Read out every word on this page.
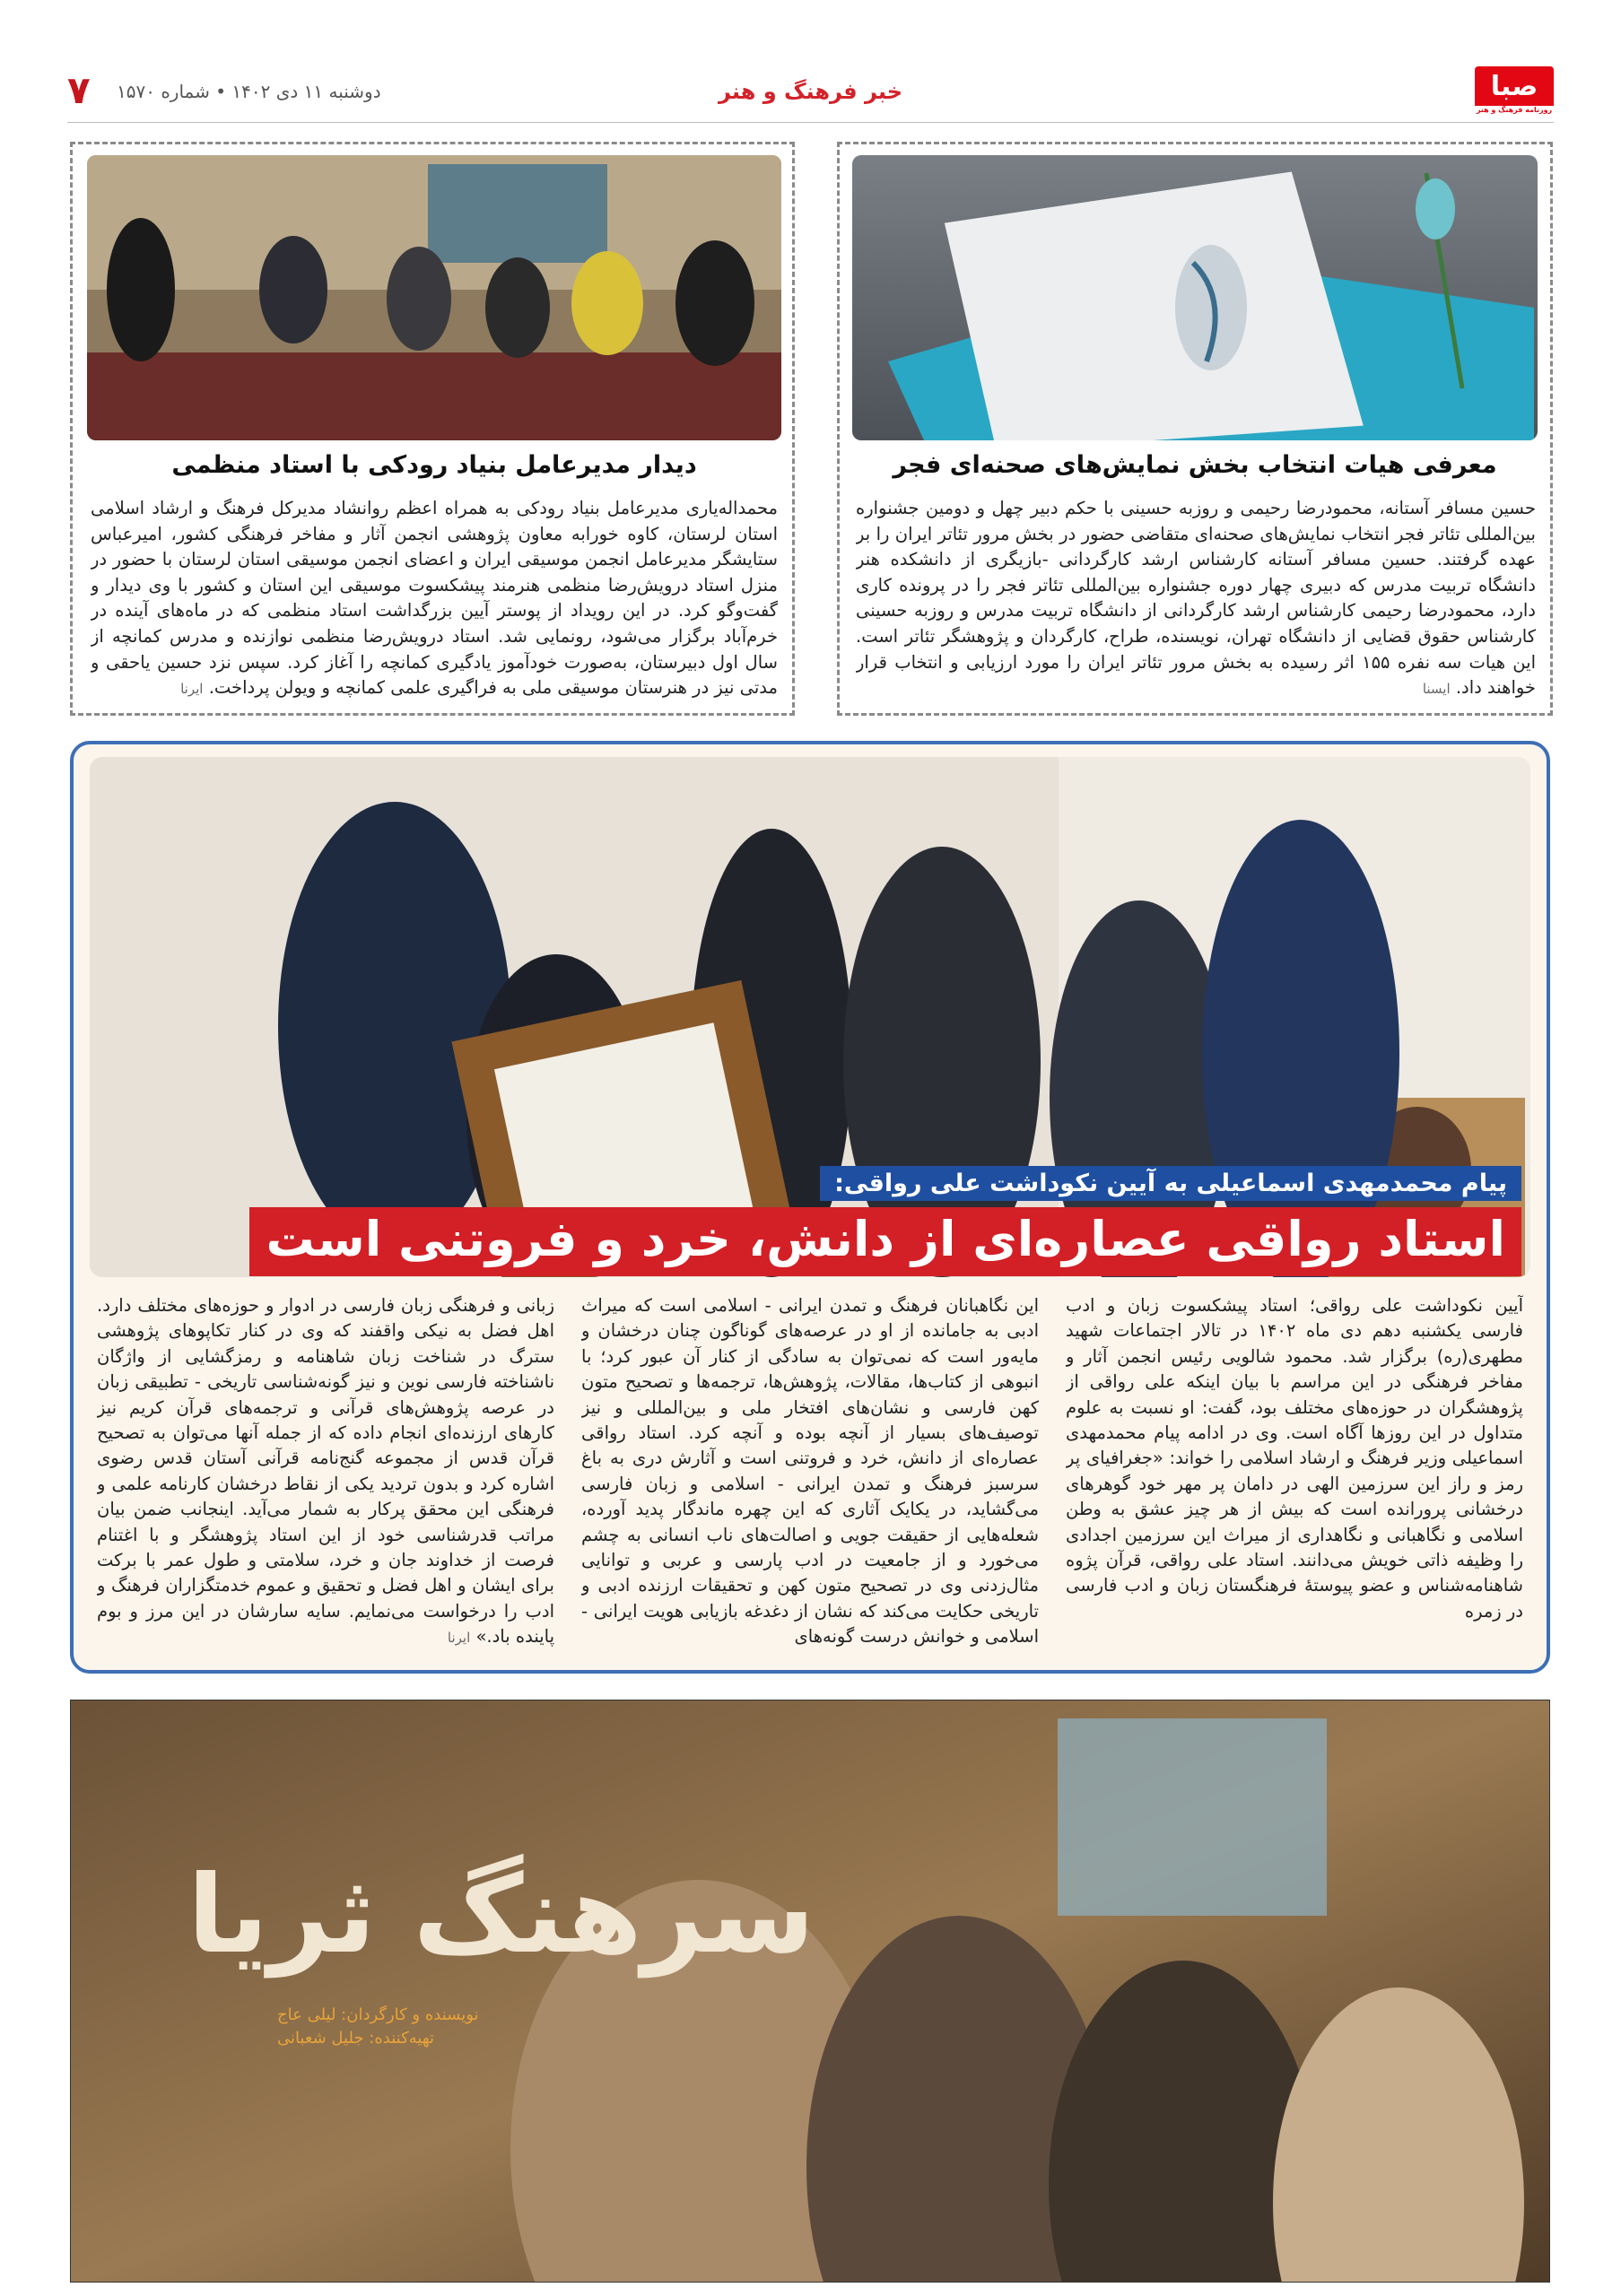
صبا
روزنامه فرهنگ و هنر
خبر فرهنگ و هنر
۷ دوشنبه ۱۱ دی ۱۴۰۲ • شماره ۱۵۷۰
معرفی هیات انتخاب بخش نمایش‌های صحنه‌ای فجر
حسین مسافر آستانه، محمودرضا رحیمی و روزبه حسینی با حکم دبیر چهل و دومین جشنواره بین‌المللی تئاتر فجر انتخاب نمایش‌های صحنه‌ای متقاضی حضور در بخش مرور تئاتر ایران را بر عهده گرفتند. حسین مسافر آستانه کارشناس ارشد کارگردانی -بازیگری از دانشکده هنر دانشگاه تربیت مدرس که دبیری چهار دوره جشنواره بین‌المللی تئاتر فجر را در پرونده کاری دارد، محمودرضا رحیمی کارشناس ارشد کارگردانی از دانشگاه تربیت مدرس و روزبه حسینی کارشناس حقوق قضایی از دانشگاه تهران، نویسنده، طراح، کارگردان و پژوهشگر تئاتر است. این هیات سه نفره ۱۵۵ اثر رسیده به بخش مرور تئاتر ایران را مورد ارزیابی و انتخاب قرار خواهند داد. ایسنا
دیدار مدیرعامل بنیاد رودکی با استاد منظمی
محمداله‌یاری مدیرعامل بنیاد رودکی به همراه اعظم روانشاد مدیرکل فرهنگ و ارشاد اسلامی استان لرستان، کاوه خورابه معاون پژوهشی انجمن آثار و مفاخر فرهنگی کشور، امیرعباس ستایشگر مدیرعامل انجمن موسیقی ایران و اعضای انجمن موسیقی استان لرستان با حضور در منزل استاد درویش‌رضا منظمی هنرمند پیشکسوت موسیقی این استان و کشور با وی دیدار و گفت‌وگو کرد. در این رویداد از پوستر آیین بزرگداشت استاد منظمی که در ماه‌های آینده در خرم‌آباد برگزار می‌شود، رونمایی شد. استاد درویش‌رضا منظمی نوازنده و مدرس کمانچه از سال اول دبیرستان، به‌صورت خودآموز یادگیری کمانچه را آغاز کرد. سپس نزد حسین یاحقی و مدتی نیز در هنرستان موسیقی ملی به فراگیری علمی کمانچه و ویولن پرداخت. ایرنا
پیام محمدمهدی اسماعیلی به آیین نکوداشت علی رواقی:
استاد رواقی عصاره‌ای از دانش، خرد و فروتنی است
آیین نکوداشت علی رواقی؛ استاد پیشکسوت زبان و ادب فارسی یکشنبه دهم دی ماه ۱۴۰۲ در تالار اجتماعات شهید مطهری(ره) برگزار شد. محمود شالویی رئیس انجمن آثار و مفاخر فرهنگی در این مراسم با بیان اینکه علی رواقی از پژوهشگران در حوزه‌های مختلف بود، گفت: او نسبت به علوم متداول در این روزها آگاه است. وی در ادامه پیام محمدمهدی اسماعیلی وزیر فرهنگ و ارشاد اسلامی را خواند: «جغرافیای پر رمز و راز این سرزمین الهی در دامان پر مهر خود گوهرهای درخشانی پرورانده است که بیش از هر چیز عشق به وطن اسلامی و نگاهبانی و نگاهداری از میراث این سرزمین اجدادی را وظیفه ذاتی خویش می‌دانند. استاد علی رواقی، قرآن پژوه شاهنامه‌شناس و عضو پیوستهٔ فرهنگستان زبان و ادب فارسی در زمره
این نگاهبانان فرهنگ و تمدن ایرانی - اسلامی است که میراث ادبی به جامانده از او در عرصه‌های گوناگون چنان درخشان و مایه‌ور است که نمی‌توان به سادگی از کنار آن عبور کرد؛ با انبوهی از کتاب‌ها، مقالات، پژوهش‌ها، ترجمه‌ها و تصحیح متون کهن فارسی و نشان‌های افتخار ملی و بین‌المللی و نیز توصیف‌های بسیار از آنچه بوده و آنچه کرد. استاد رواقی عصاره‌ای از دانش، خرد و فروتنی است و آثارش دری به باغ سرسبز فرهنگ و تمدن ایرانی - اسلامی و زبان فارسی می‌گشاید، در یکایک آثاری که این چهره ماندگار پدید آورده، شعله‌هایی از حقیقت جویی و اصالت‌های ناب انسانی به چشم می‌خورد و از جامعیت در ادب پارسی و عربی و توانایی مثال‌زدنی وی در تصحیح متون کهن و تحقیقات ارزنده ادبی و تاریخی حکایت می‌کند که نشان از دغدغه بازیابی هویت ایرانی - اسلامی و خوانش درست گونه‌های
زبانی و فرهنگی زبان فارسی در ادوار و حوزه‌های مختلف دارد. اهل فضل به نیکی واقفند که وی در کنار تکاپوهای پژوهشی سترگ در شناخت زبان شاهنامه و رمزگشایی از واژگان ناشناخته فارسی نوین و نیز گونه‌شناسی تاریخی - تطبیقی زبان در عرصه پژوهش‌های قرآنی و ترجمه‌های قرآن کریم نیز کارهای ارزنده‌ای انجام داده که از جمله آنها می‌توان به تصحیح قرآن قدس از مجموعه گنج‌نامه قرآنی آستان قدس رضوی اشاره کرد و بدون تردید یکی از نقاط درخشان کارنامه علمی و فرهنگی این محقق پرکار به شمار می‌آید. اینجانب ضمن بیان مراتب قدرشناسی خود از این استاد پژوهشگر و با اغتنام فرصت از خداوند جان و خرد، سلامتی و طول عمر با برکت برای ایشان و اهل فضل و تحقیق و عموم خدمتگزاران فرهنگ و ادب را درخواست می‌نمایم. سایه سارشان در این مرز و بوم پاینده باد.» ایرنا
سرهنگ ثریا
نویسنده و کارگردان: لیلی عاج
تهیه‌کننده: جلیل شعبانی
